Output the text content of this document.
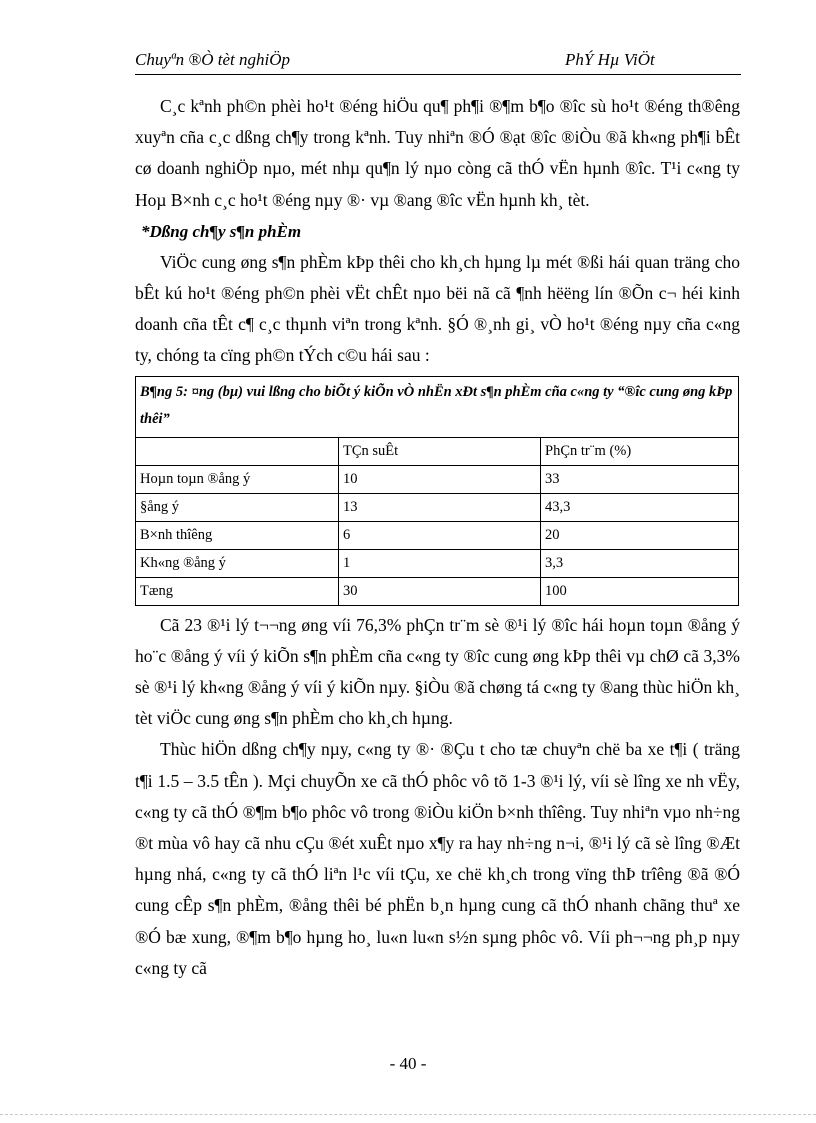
Chuyªn ®Ò tèt nghiÖp	PhÝ Hµ ViÖt

C¸c kªnh ph©n phèi ho¹t ®éng hiÖu qu¶ ph¶i ®¶m b¶o ®îc sù ho¹t ®éng th®êng xuyªn cña c¸c dßng ch¶y trong kªnh. Tuy nhiªn ®Ó ®ạt ®îc ®iÒu ®ã kh«ng ph¶i bÊt cø doanh nghiÖp nµo, mét nhµ qu¶n lý nµo còng cã thÓ vËn hµnh ®îc. T¹i c«ng ty Hoµ B×nh c¸c ho¹t ®éng nµy ®· vµ ®ang ®îc vËn hµnh kh¸ tèt.

*Dßng ch¶y s¶n phÈm

ViÖc cung øng s¶n phÈm kÞp thêi cho kh¸ch hµng lµ mét ®ßi hái quan träng cho bÊt kú ho¹t ®éng ph©n phèi vËt chÊt nµo bëi nã cã ¶nh hëëng lín ®Õn c¬ héi kinh doanh cña tÊt c¶ c¸c thµnh viªn trong kªnh. §Ó ®¸nh gi¸ vÒ ho¹t ®éng nµy cña c«ng ty, chóng ta cïng ph©n tÝch c©u hái sau :

B¶ng 5: ¤ng (bµ) vui lßng cho biÕt ý kiÕn vÒ nhËn xÐt s¶n phÈm cña c«ng ty “®îc cung øng kÞp thêi”		
	TÇn suÊt	PhÇn tr¨m (%)
Hoµn toµn ®ång ý	10	33
§ång ý	13	43,3
B×nh thîêng	6	20
Kh«ng ®ång ý	1	3,3
Tæng	30	100

Cã 23 ®¹i lý t¬¬ng øng víi 76,3% phÇn tr¨m sè ®¹i lý ®îc hái hoµn toµn ®ång ý ho¨c ®ång ý víi ý kiÕn s¶n phÈm cña c«ng ty ®îc cung øng kÞp thêi vµ chØ cã 3,3% sè ®¹i lý kh«ng ®ång ý víi ý kiÕn nµy. §iÒu ®ã chøng tá c«ng ty ®ang thùc hiÖn kh¸ tèt viÖc cung øng s¶n phÈm cho kh¸ch hµng.

Thùc hiÖn dßng ch¶y nµy, c«ng ty ®· ®Çu t cho tæ chuyªn chë ba xe t¶i ( träng t¶i 1.5 – 3.5 tÊn ). Mçi chuyÕn xe cã thÓ phôc vô tõ 1-3 ®¹i lý, víi sè lîng xe nh vËy, c«ng ty cã thÓ ®¶m b¶o phôc vô trong ®iÒu kiÖn b×nh thîêng. Tuy nhiªn vµo nh÷ng ®t mùa vô hay cã nhu cÇu ®ét xuÊt nµo x¶y ra hay nh÷ng n¬i, ®¹i lý cã sè lîng ®Æt hµng nhá, c«ng ty cã thÓ liªn l¹c víi tÇu, xe chë kh¸ch trong vïng thÞ trîêng ®ã ®Ó cung cÊp s¶n phÈm, ®ång thêi bé phËn b¸n hµng cung cã thÓ nhanh chãng thuª xe ®Ó bæ xung, ®¶m b¶o hµng ho¸ lu«n lu«n s½n sµng phôc vô. Víi ph¬¬ng ph¸p nµy c«ng ty cã

- 40 -
